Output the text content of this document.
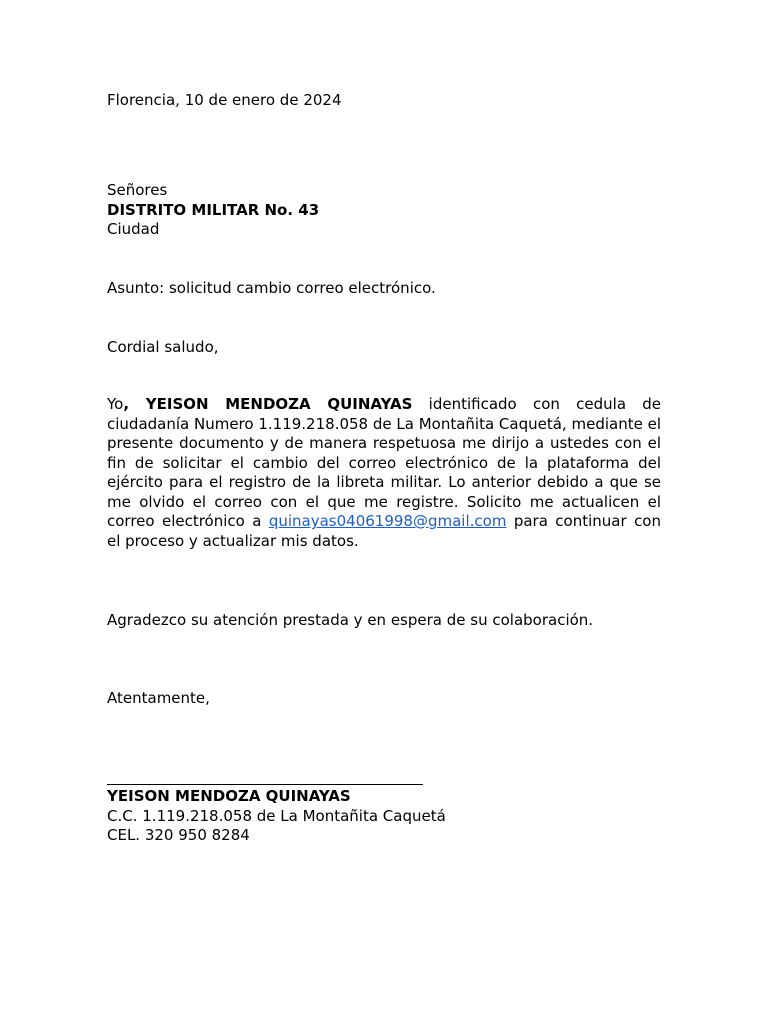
Florencia, 10 de enero de 2024
Señores
DISTRITO MILITAR No. 43
Ciudad
Asunto: solicitud cambio correo electrónico.
Cordial saludo,
Yo, YEISON MENDOZA QUINAYAS identificado con cedula de ciudadanía Numero 1.119.218.058 de La Montañita Caquetá, mediante el presente documento y de manera respetuosa me dirijo a ustedes con el fin de solicitar el cambio del correo electrónico de la plataforma del ejército para el registro de la libreta militar. Lo anterior debido a que se me olvido el correo con el que me registre. Solicito me actualicen el correo electrónico a quinayas04061998@gmail.com para continuar con el proceso y actualizar mis datos.
Agradezco su atención prestada y en espera de su colaboración.
Atentamente,
YEISON MENDOZA QUINAYAS
C.C. 1.119.218.058 de La Montañita Caquetá
CEL. 320 950 8284
